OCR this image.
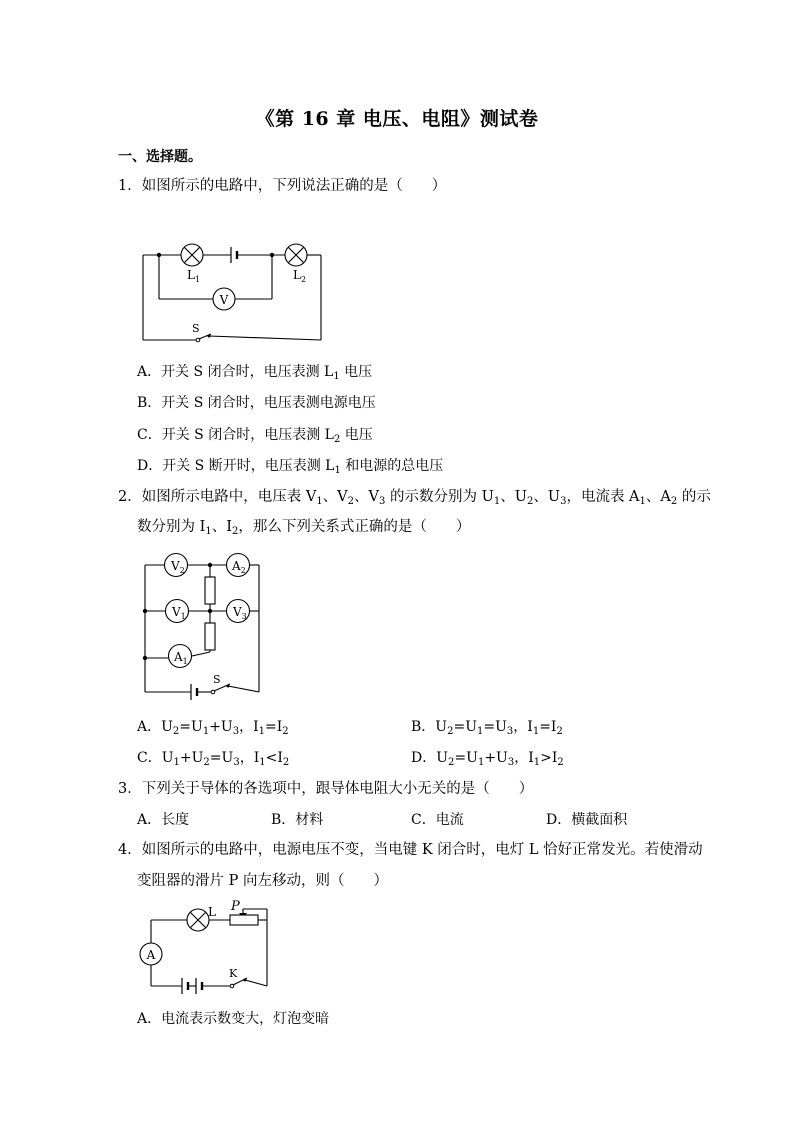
《第 16 章 电压、电阻》测试卷
一、选择题。
1．如图所示的电路中，下列说法正确的是（　　）
V
$L_1$	$L_2$
S
A．开关 S 闭合时，电压表测 $L_1$ 电压
B．开关 S 闭合时，电压表测电源电压
C．开关 S 闭合时，电压表测 $L_2$ 电压
D．开关 S 断开时，电压表测 $L_1$ 和电源的总电压
2．如图所示电路中，电压表 $V_1$、$V_2$、$V_3$ 的示数分别为 $U_1$、$U_2$、$U_3$，电流表 $A_1$、$A_2$ 的示
数分别为 $I_1$、$I_2$，那么下列关系式正确的是（　　）
$V_2$	$A_2$
$V_1$	$V_3$
$A_1$
S
A．$U_2=U_1+U_3$，$I_1=I_2$	B．$U_2=U_1=U_3$，$I_1=I_2$
C．$U_1+U_2=U_3$，$I_1<I_2$	D．$U_2=U_1+U_3$，$I_1>I_2$
3．下列关于导体的各选项中，跟导体电阻大小无关的是（　　）
A．长度	B．材料	C．电流	D．横截面积
4．如图所示的电路中，电源电压不变，当电键 K 闭合时，电灯 L 恰好正常发光。若使滑动
变阻器的滑片 P 向左移动，则（　　）
L P
A
K
A．电流表示数变大，灯泡变暗
